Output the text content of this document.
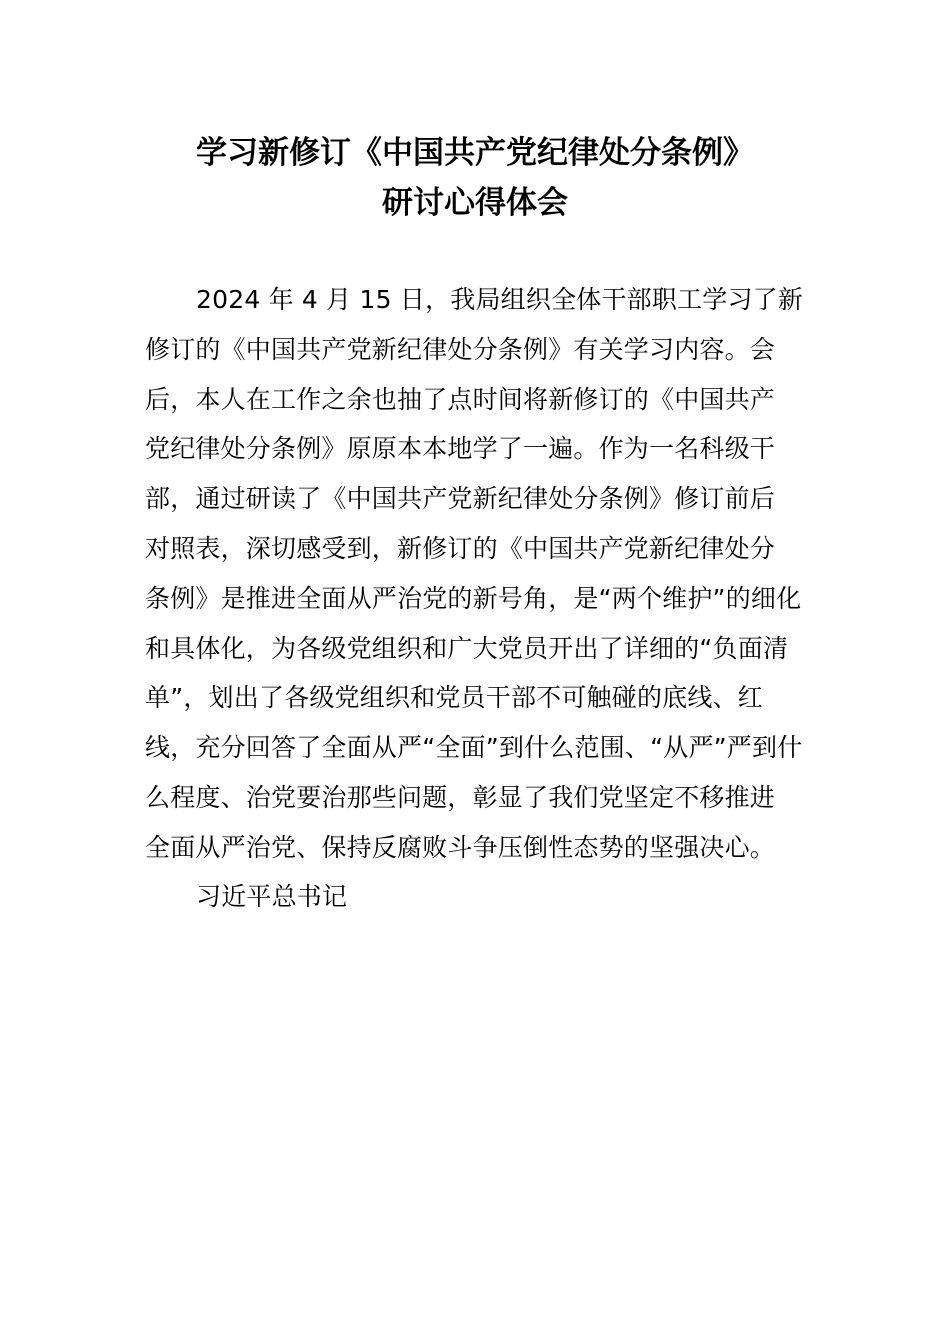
学习新修订《中国共产党纪律处分条例》
研讨心得体会
2024 年 4 月 15 日，我局组织全体干部职工学习了新
修订的《中国共产党新纪律处分条例》有关学习内容。会
后，本人在工作之余也抽了点时间将新修订的《中国共产
党纪律处分条例》原原本本地学了一遍。作为一名科级干
部，通过研读了《中国共产党新纪律处分条例》修订前后
对照表，深切感受到，新修订的《中国共产党新纪律处分
条例》是推进全面从严治党的新号角，是“两个维护”的细化
和具体化，为各级党组织和广大党员开出了详细的“负面清
单”，划出了各级党组织和党员干部不可触碰的底线、红
线，充分回答了全面从严“全面”到什么范围、“从严”严到什
么程度、治党要治那些问题，彰显了我们党坚定不移推进
全面从严治党、保持反腐败斗争压倒性态势的坚强决心。
习近平总书记
